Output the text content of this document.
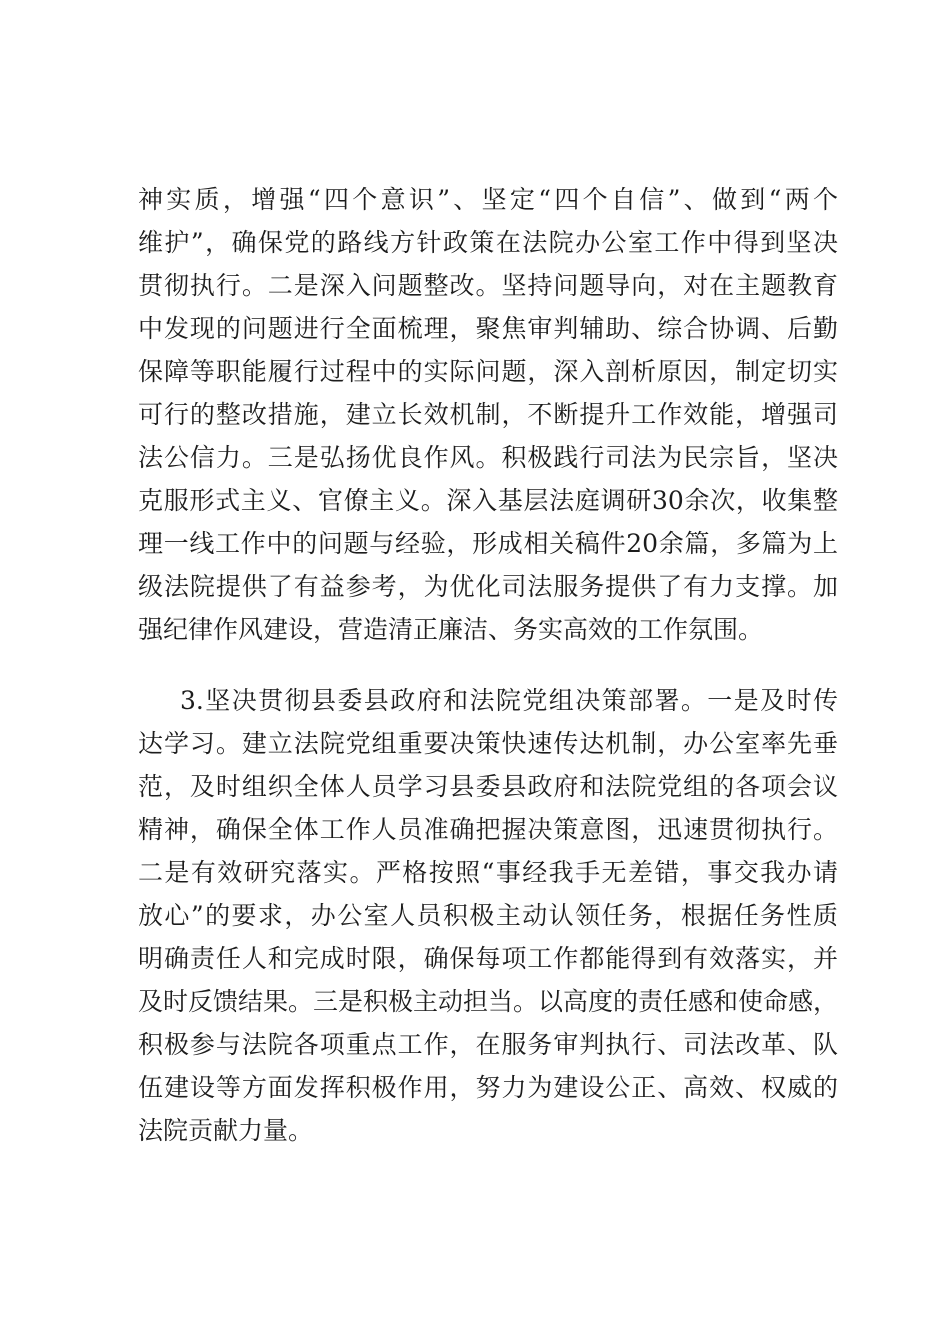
神实质，增强“四个意识”、坚定“四个自信”、做到“两个
维护”，确保党的路线方针政策在法院办公室工作中得到坚决
贯彻执行。二是深入问题整改。坚持问题导向，对在主题教育
中发现的问题进行全面梳理，聚焦审判辅助、综合协调、后勤
保障等职能履行过程中的实际问题，深入剖析原因，制定切实
可行的整改措施，建立长效机制，不断提升工作效能，增强司
法公信力。三是弘扬优良作风。积极践行司法为民宗旨，坚决
克服形式主义、官僚主义。深入基层法庭调研30余次，收集整
理一线工作中的问题与经验，形成相关稿件20余篇，多篇为上
级法院提供了有益参考，为优化司法服务提供了有力支撑。加
强纪律作风建设，营造清正廉洁、务实高效的工作氛围。
3.坚决贯彻县委县政府和法院党组决策部署。一是及时传
达学习。建立法院党组重要决策快速传达机制，办公室率先垂
范，及时组织全体人员学习县委县政府和法院党组的各项会议
精神，确保全体工作人员准确把握决策意图，迅速贯彻执行。
二是有效研究落实。严格按照“事经我手无差错，事交我办请
放心”的要求，办公室人员积极主动认领任务，根据任务性质
明确责任人和完成时限，确保每项工作都能得到有效落实，并
及时反馈结果。三是积极主动担当。以高度的责任感和使命感，
积极参与法院各项重点工作，在服务审判执行、司法改革、队
伍建设等方面发挥积极作用，努力为建设公正、高效、权威的
法院贡献力量。
